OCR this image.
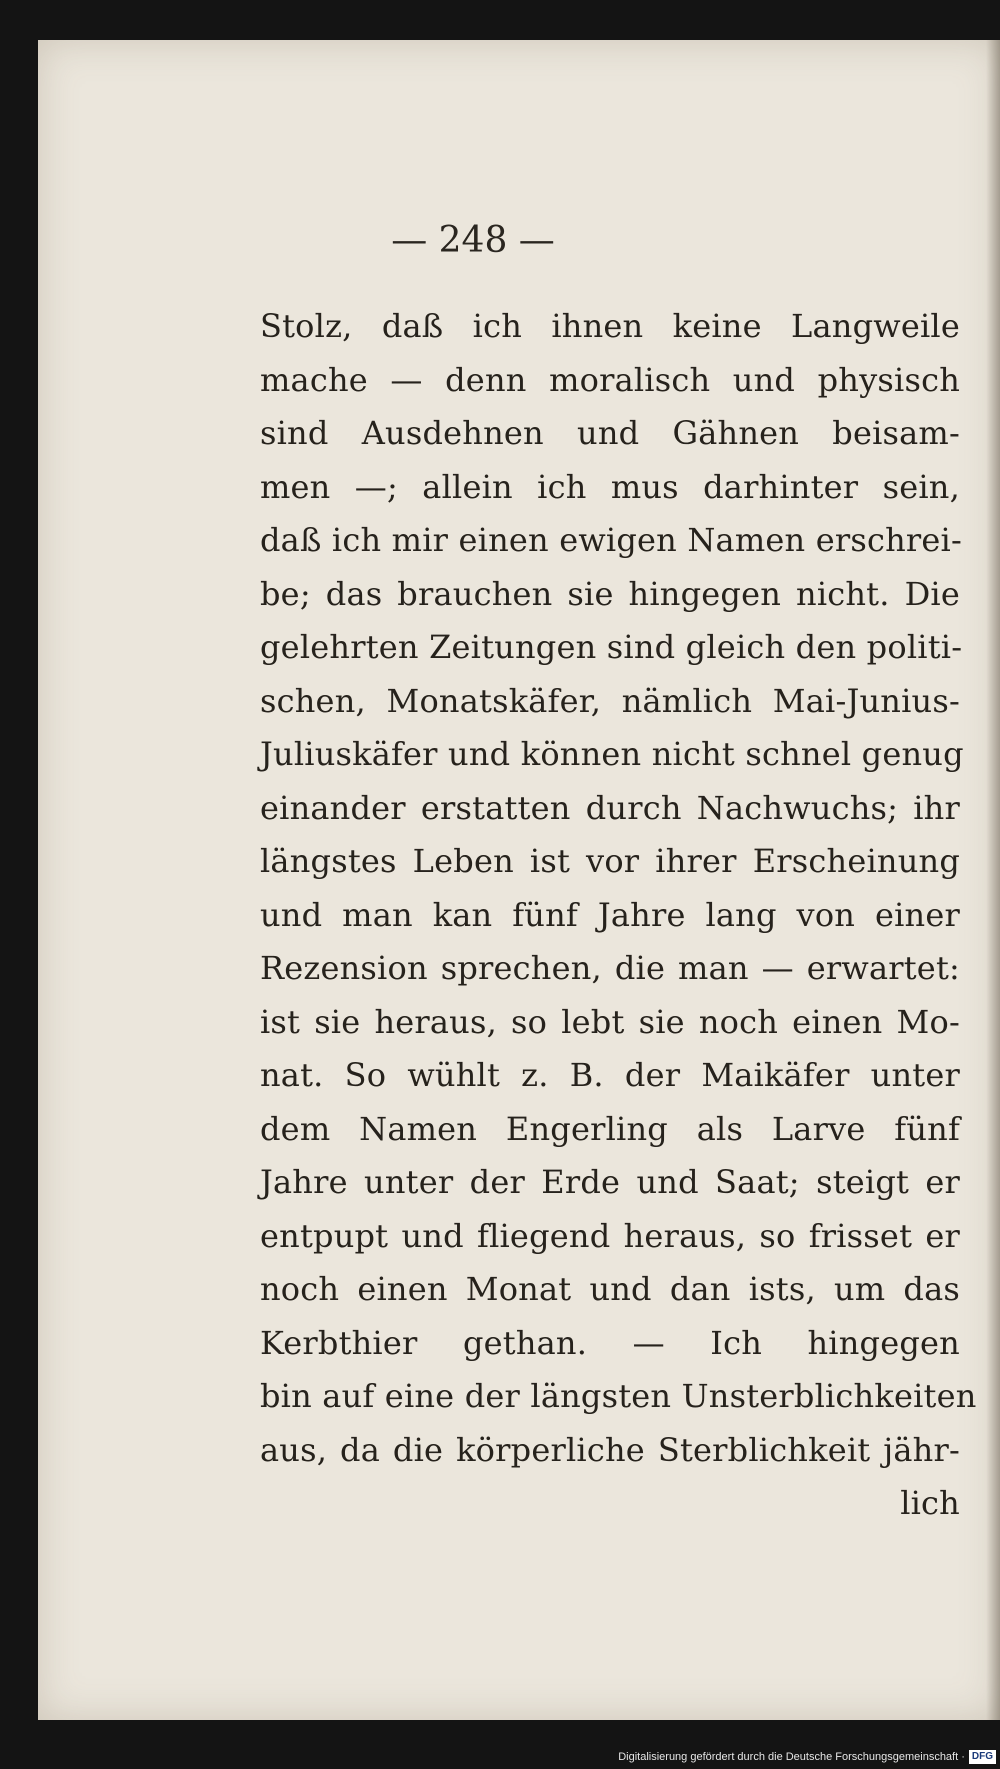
— 248 —
Stolz, daß ich ihnen keine Langweile
mache — denn moralisch und physisch
sind Ausdehnen und Gähnen beisam-
men —; allein ich mus darhinter sein,
daß ich mir einen ewigen Namen erschrei-
be; das brauchen sie hingegen nicht. Die
gelehrten Zeitungen sind gleich den politi-
schen, Monatskäfer, nämlich Mai-Junius-
Juliuskäfer und können nicht schnel genug
einander erstatten durch Nachwuchs; ihr
längstes Leben ist vor ihrer Erscheinung
und man kan fünf Jahre lang von einer
Rezension sprechen, die man — erwartet:
ist sie heraus, so lebt sie noch einen Mo-
nat. So wühlt z. B. der Maikäfer unter
dem Namen Engerling als Larve fünf
Jahre unter der Erde und Saat; steigt er
entpupt und fliegend heraus, so frisset er
noch einen Monat und dan ists, um das
Kerbthier gethan. — Ich hingegen
bin auf eine der längsten Unsterblichkeiten
aus, da die körperliche Sterblichkeit jähr-
lich
Digitalisierung gefördert durch die Deutsche Forschungsgemeinschaft · DFG
